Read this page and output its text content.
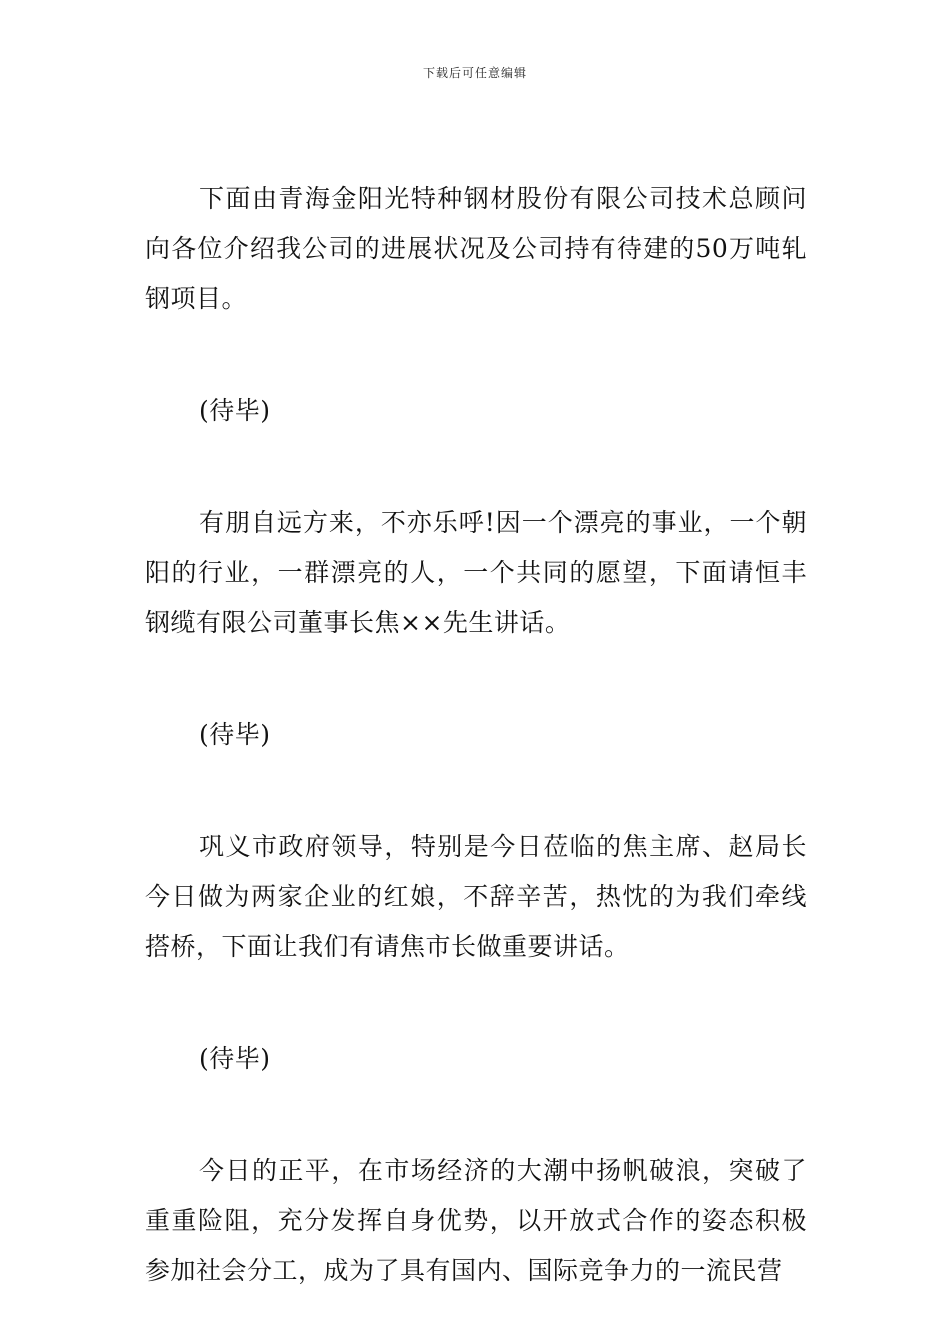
下载后可任意编辑

下面由青海金阳光特种钢材股份有限公司技术总顾问向各位介绍我公司的进展状况及公司持有待建的50万吨轧钢项目。

(待毕)

有朋自远方来，不亦乐呼!因一个漂亮的事业，一个朝阳的行业，一群漂亮的人，一个共同的愿望，下面请恒丰钢缆有限公司董事长焦××先生讲话。

(待毕)

巩义市政府领导，特别是今日莅临的焦主席、赵局长今日做为两家企业的红娘，不辞辛苦，热忱的为我们牵线搭桥，下面让我们有请焦市长做重要讲话。

(待毕)

今日的正平，在市场经济的大潮中扬帆破浪，突破了重重险阻，充分发挥自身优势，以开放式合作的姿态积极参加社会分工，成为了具有国内、国际竞争力的一流民营
